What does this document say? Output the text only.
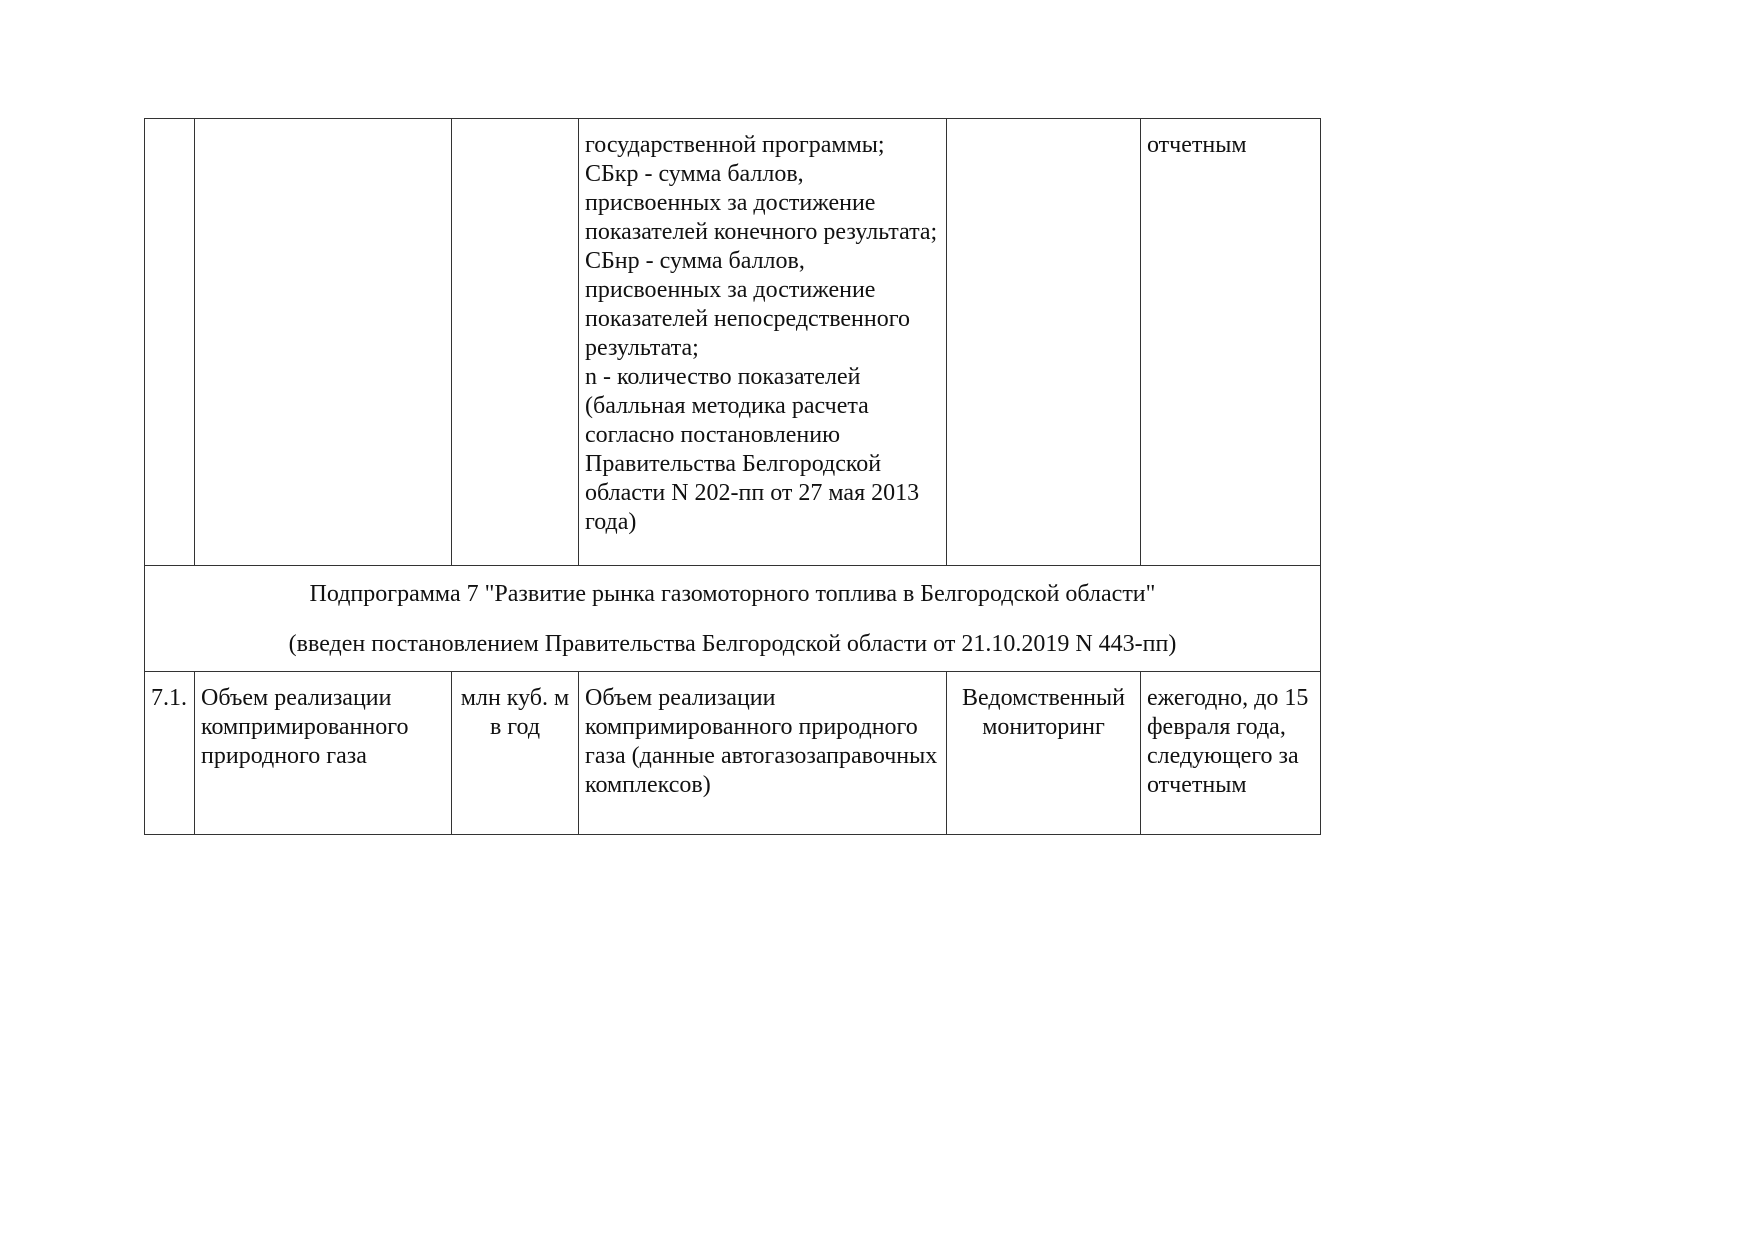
			государственной программы;
СБкр - сумма баллов, присвоенных за достижение показателей конечного результата;
СБнр - сумма баллов, присвоенных за достижение показателей непосредственного результата;
n - количество показателей (балльная методика расчета согласно постановлению Правительства Белгородской области N 202-пп от 27 мая 2013 года)		отчетным

Подпрограмма 7 "Развитие рынка газомоторного топлива в Белгородской области"
(введен постановлением Правительства Белгородской области от 21.10.2019 N 443-пп)					

7.1.	Объем реализации компримированного природного газа	млн куб. м в год	Объем реализации компримированного природного газа (данные автогазозаправочных комплексов)	Ведомственный мониторинг	ежегодно, до 15 февраля года, следующего за отчетным
